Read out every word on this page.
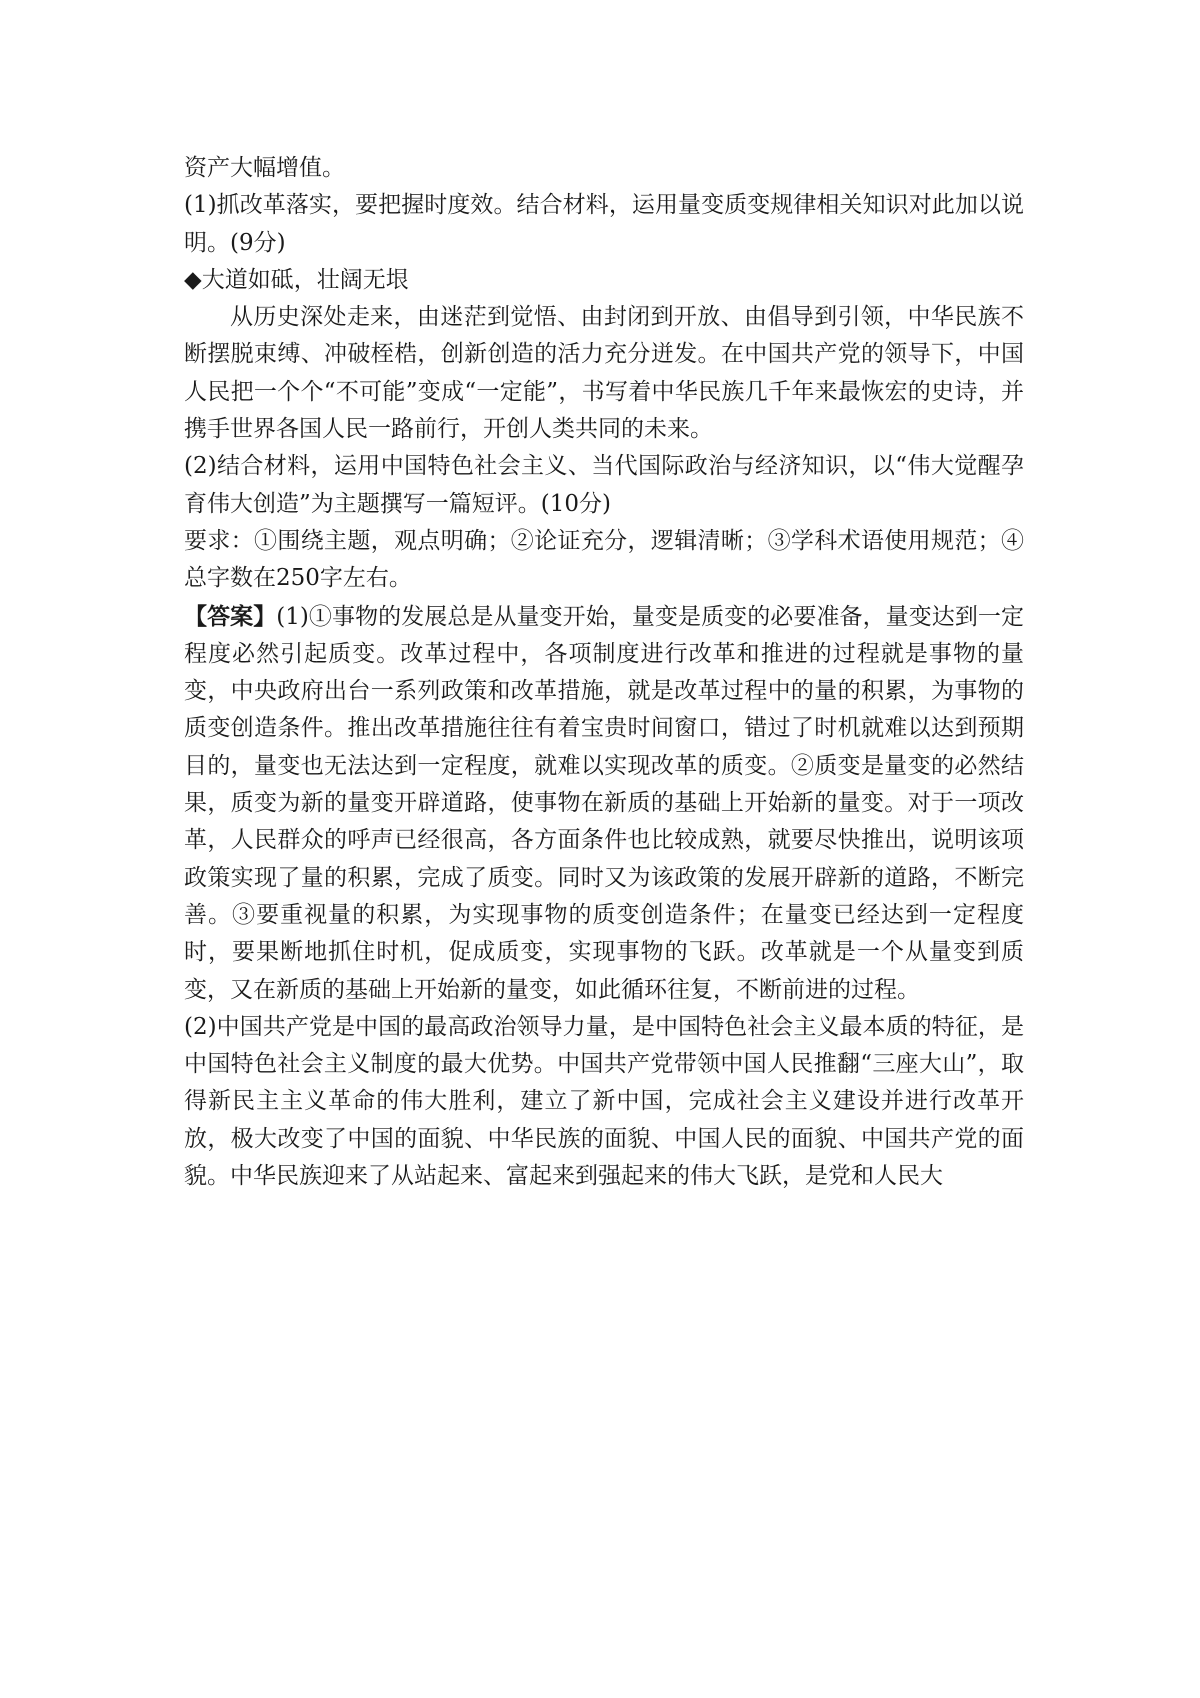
资产大幅增值。

(1)抓改革落实，要把握时度效。结合材料，运用量变质变规律相关知识对此加以说明。(9分)

◆大道如砥，壮阔无垠

从历史深处走来，由迷茫到觉悟、由封闭到开放、由倡导到引领，中华民族不断摆脱束缚、冲破桎梏，创新创造的活力充分迸发。在中国共产党的领导下，中国人民把一个个“不可能”变成“一定能”，书写着中华民族几千年来最恢宏的史诗，并携手世界各国人民一路前行，开创人类共同的未来。

(2)结合材料，运用中国特色社会主义、当代国际政治与经济知识，以“伟大觉醒孕育伟大创造”为主题撰写一篇短评。(10分)

要求：①围绕主题，观点明确；②论证充分，逻辑清晰；③学科术语使用规范；④总字数在250字左右。

【答案】(1)①事物的发展总是从量变开始，量变是质变的必要准备，量变达到一定程度必然引起质变。改革过程中，各项制度进行改革和推进的过程就是事物的量变，中央政府出台一系列政策和改革措施，就是改革过程中的量的积累，为事物的质变创造条件。推出改革措施往往有着宝贵时间窗口，错过了时机就难以达到预期目的，量变也无法达到一定程度，就难以实现改革的质变。②质变是量变的必然结果，质变为新的量变开辟道路，使事物在新质的基础上开始新的量变。对于一项改革，人民群众的呼声已经很高，各方面条件也比较成熟，就要尽快推出，说明该项政策实现了量的积累，完成了质变。同时又为该政策的发展开辟新的道路，不断完善。③要重视量的积累，为实现事物的质变创造条件；在量变已经达到一定程度时，要果断地抓住时机，促成质变，实现事物的飞跃。改革就是一个从量变到质变，又在新质的基础上开始新的量变，如此循环往复，不断前进的过程。

(2)中国共产党是中国的最高政治领导力量，是中国特色社会主义最本质的特征，是中国特色社会主义制度的最大优势。中国共产党带领中国人民推翻“三座大山”，取得新民主主义革命的伟大胜利，建立了新中国，完成社会主义建设并进行改革开放，极大改变了中国的面貌、中华民族的面貌、中国人民的面貌、中国共产党的面貌。中华民族迎来了从站起来、富起来到强起来的伟大飞跃，是党和人民大
